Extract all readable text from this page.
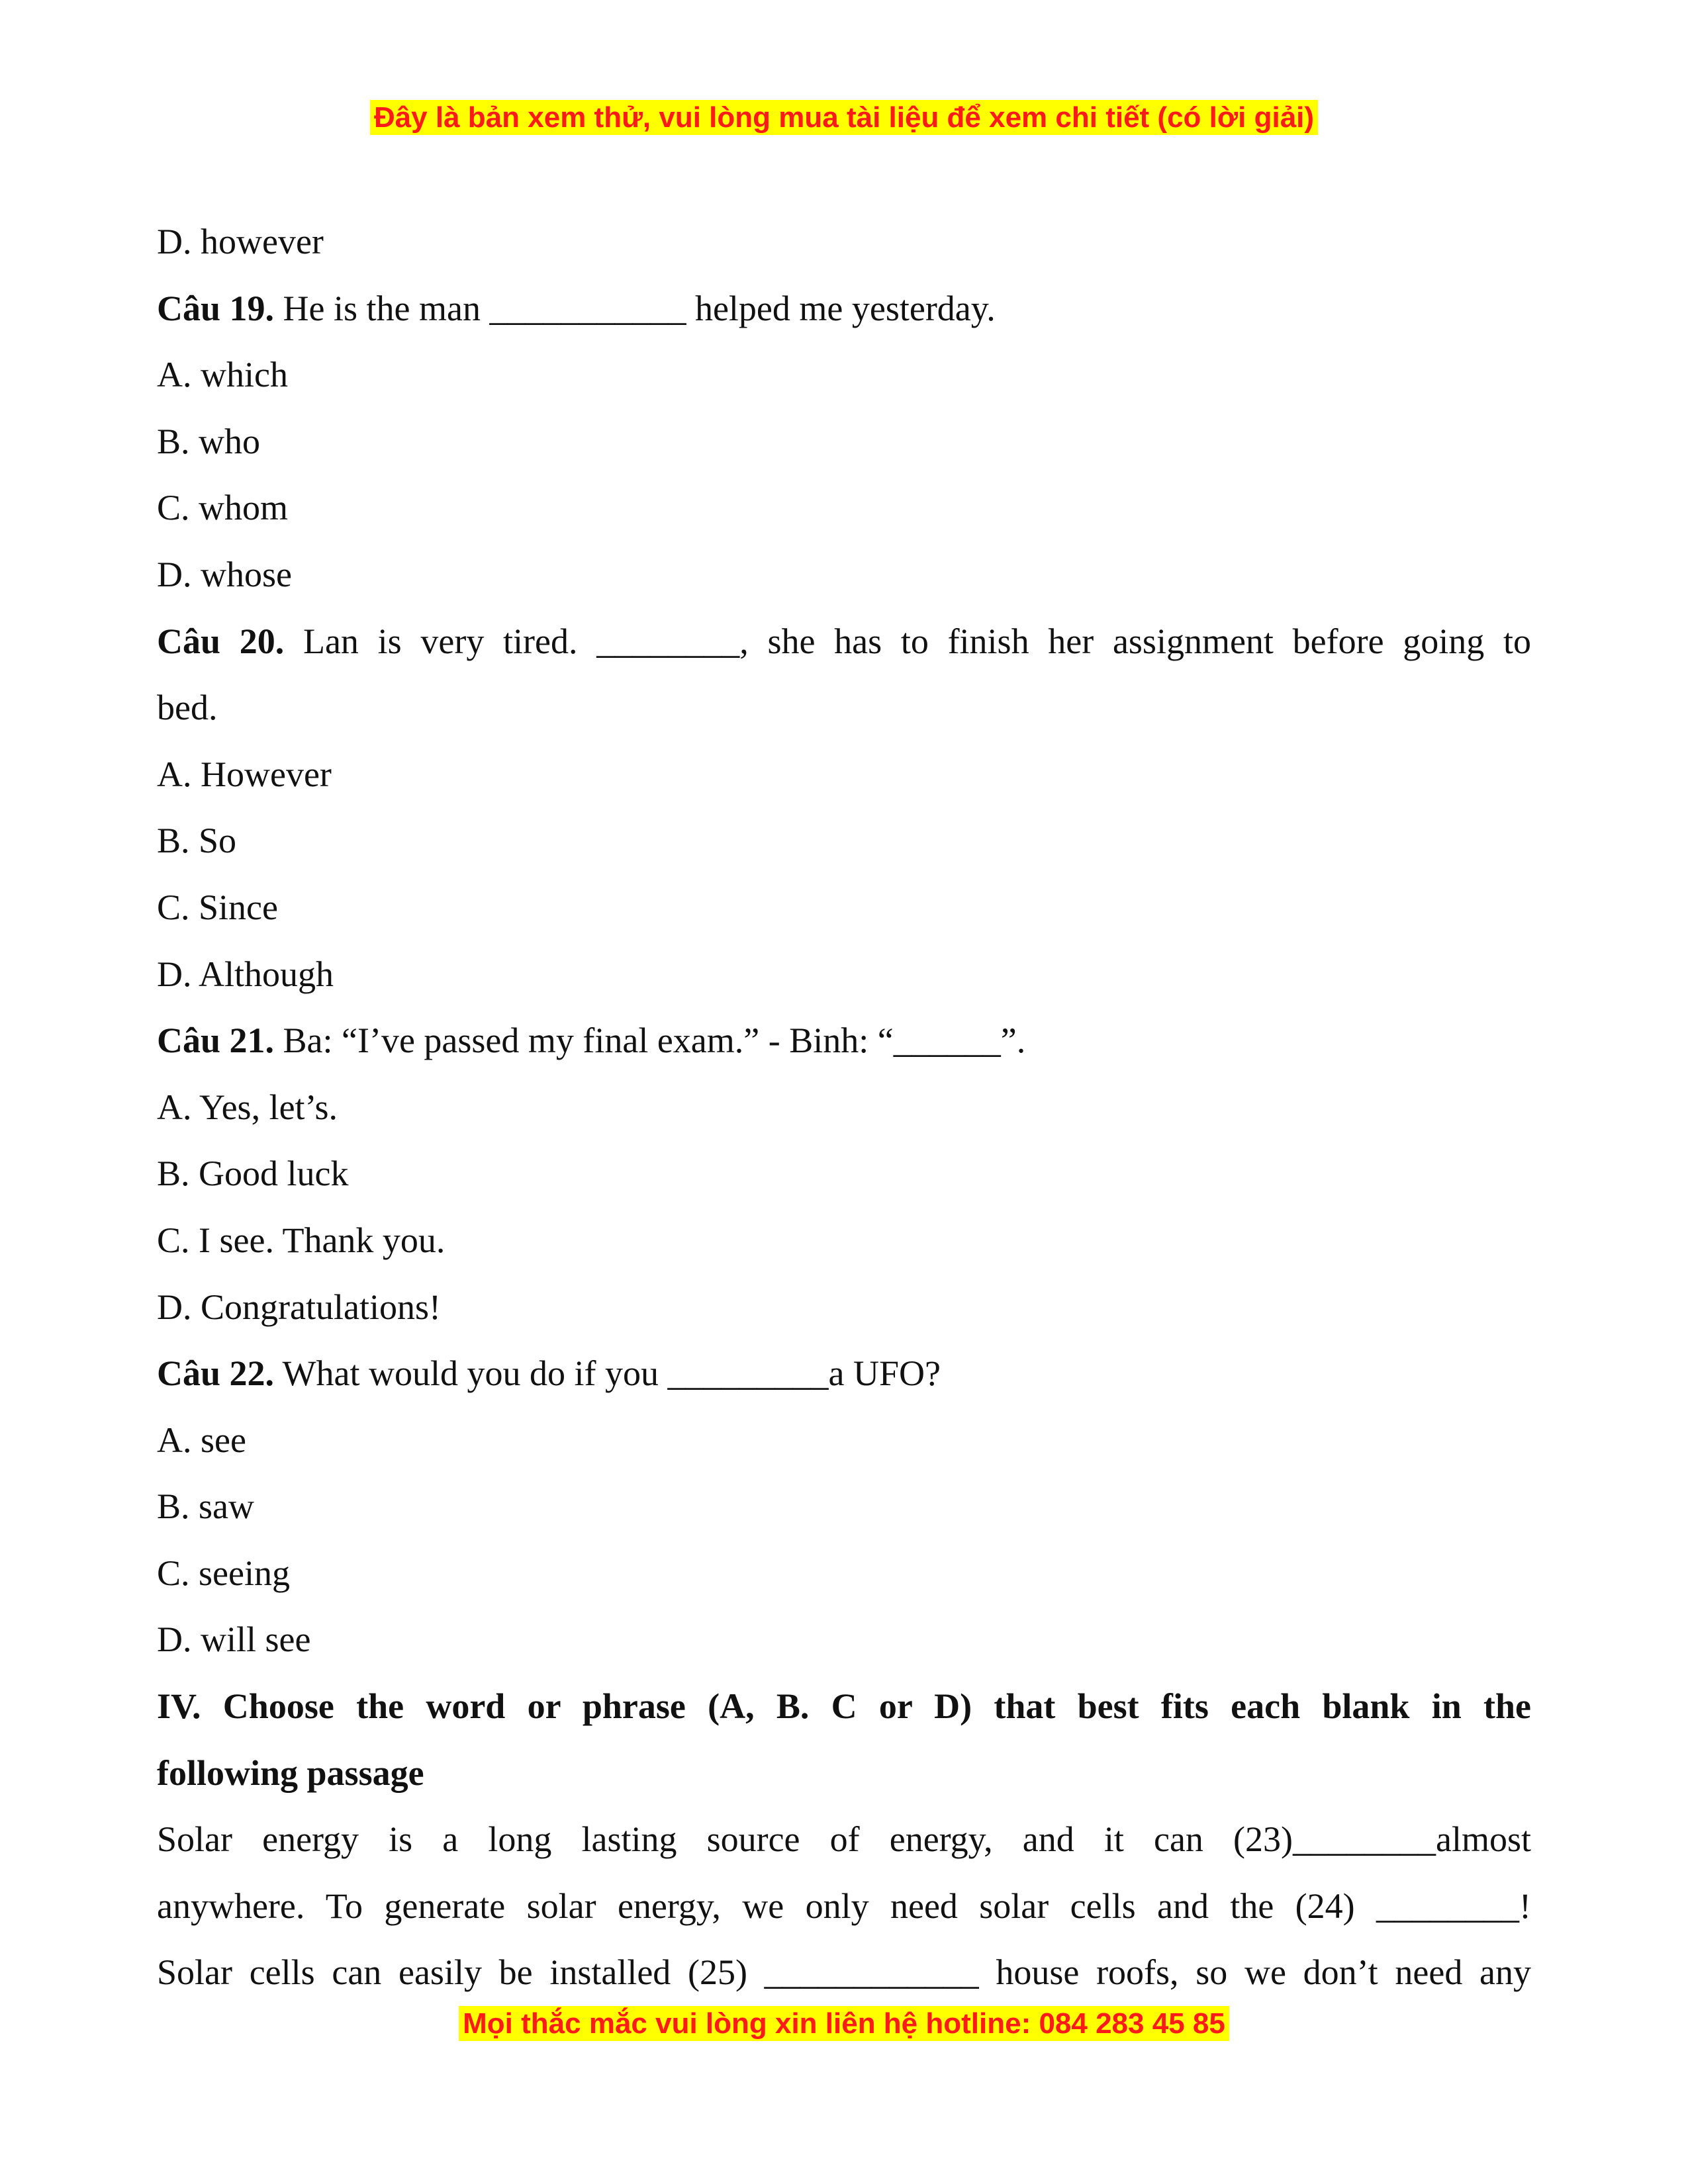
Đây là bản xem thử, vui lòng mua tài liệu để xem chi tiết (có lời giải)
D. however
Câu 19. He is the man ___________ helped me yesterday.
A. which
B. who
C. whom
D. whose
Câu 20. Lan is very tired. ________, she has to finish her assignment before going to
bed.
A. However
B. So
C. Since
D. Although
Câu 21. Ba: “I’ve passed my final exam.” - Binh: “______”.
A. Yes, let’s.
B. Good luck
C. I see. Thank you.
D. Congratulations!
Câu 22. What would you do if you _________a UFO?
A. see
B. saw
C. seeing
D. will see
IV. Choose the word or phrase (A, B. C or D) that best fits each blank in the
following passage
Solar energy is a long lasting source of energy, and it can (23)________almost
anywhere. To generate solar energy, we only need solar cells and the (24) ________!
Solar cells can easily be installed (25) ____________ house roofs, so we don’t need any
Mọi thắc mắc vui lòng xin liên hệ hotline: 084 283 45 85
